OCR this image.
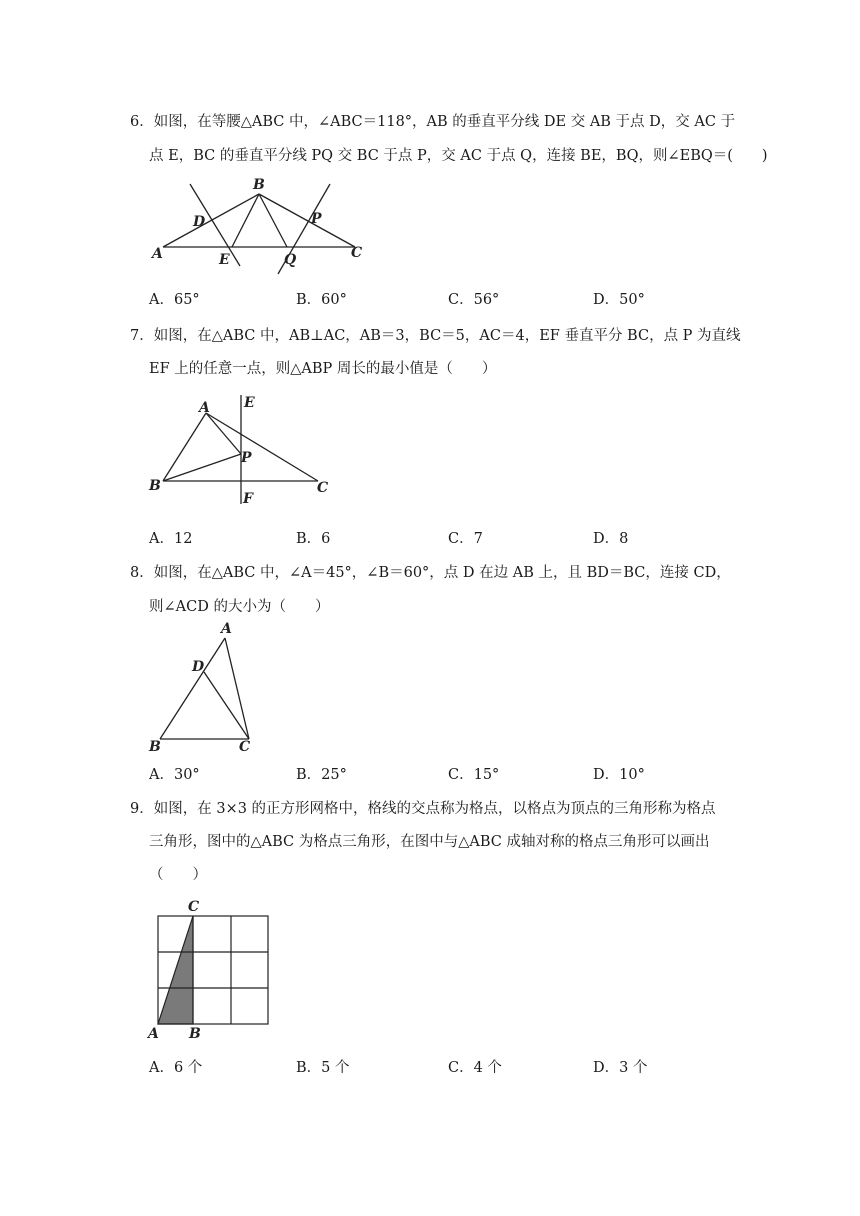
6．如图，在等腰△ABC 中，∠ABC＝118°，AB 的垂直平分线 DE 交 AB 于点 D，交 AC 于
点 E，BC 的垂直平分线 PQ 交 BC 于点 P，交 AC 于点 Q，连接 BE，BQ，则∠EBQ＝(　　)
B
D	P
A	E	Q	C
A．65°	B．60°	C．56°	D．50°
7．如图，在△ABC 中，AB⊥AC，AB＝3，BC＝5，AC＝4，EF 垂直平分 BC，点 P 为直线
EF 上的任意一点，则△ABP 周长的最小值是（　　）
A E
P
B	C
F
A．12	B．6	C．7	D．8
8．如图，在△ABC 中，∠A＝45°，∠B＝60°，点 D 在边 AB 上，且 BD＝BC，连接 CD，
则∠ACD 的大小为（　　）
A
D
B	C
A．30°	B．25°	C．15°	D．10°
9．如图，在 3×3 的正方形网格中，格线的交点称为格点，以格点为顶点的三角形称为格点
三角形，图中的△ABC 为格点三角形，在图中与△ABC 成轴对称的格点三角形可以画出
（　　）
C
A B
A．6 个	B．5 个	C．4 个	D．3 个
